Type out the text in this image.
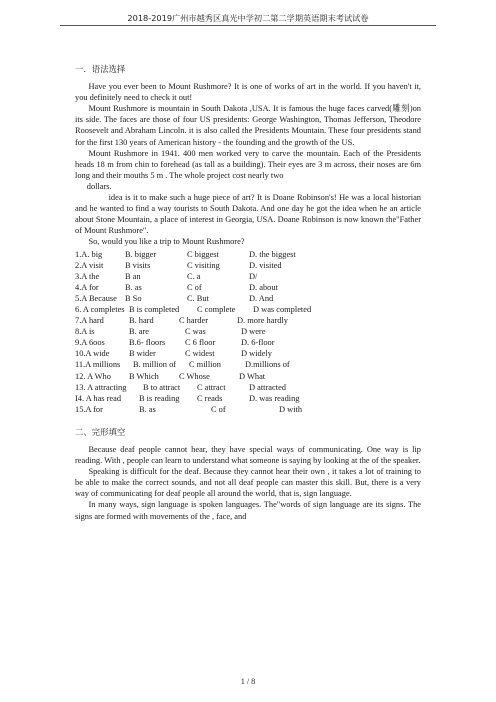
2018-2019广州市越秀区真光中学初二第二学期英语期末考试试卷
一．语法选择

Have you ever been to Mount Rushmore? It is one of works of art in the world. If you haven't it, you definitely need to check it out!

Mount Rushmore is mountain in South Dakota ,USA. It is famous the huge faces carved(雕刻)on its side. The faces are those of four US presidents: George Washington, Thomas Jefferson, Theodore Roosevelt and Abraham Lincoln. it is also called the Presidents Mountain. These four presidents stand for the first 130 years of American history - the founding and the growth of the US.

Mount Rushmore in 1941. 400 men worked very to carve the mountain. Each of the Presidents heads 18 m from chin to forehead (as tall as a building). Their eyes are 3 m across, their noses are 6m long and their mouths 5 m . The whole project cost nearly two

dollars.

idea is it to make such a huge piece of art? It is Doane Robinson's! He was a local historian and he wanted to find a way tourists to South Dakota. And one day he got the idea when he an article about Stone Mountain, a place of interest in Georgia, USA. Doane Robinson is now known the"Father of Mount Rushmore".

So, would you like a trip to Mount Rushmore?

1.A. big	B. bigger	C biggest	D. the biggest
2.A visit	B visits	C visiting	D. visited
3.A the	B an	C. a	D/
4.A for	B. as	C of	D. about
5.A Because B So	C. But	D. And
6. A completes B is completed	C complete	D was completed
7.A hard	B. hard	C harder	D. more hardly
8.A is	B. are	C was	D were
9.A 6oos	B.6- floors	C 6 floor	D. 6-floor
10.A wide	B wider	C widest	D widely
11.A millions	B. million of	C million	D.millions of
12. A Who	B Which	C Whose	D What
13. A attracting	B to attract	C attract	D attracted
I4. A has read	B is reading	C reads	D. was reading
15.A for	B. as	C of	D with
二、完形填空

Because deaf people cannot hear, they have special ways of communicating. One way is lip reading. With , people can learn to understand what someone is saying by looking at the of the speaker.

Speaking is difficult for the deaf. Because they cannot hear their own , it takes a lot of training to be able to make the correct sounds, and not all deaf people can master this skill. But, there is a very way of communicating for deaf people all around the world, that is, sign language.

In many ways, sign language is spoken languages. The"words of sign language are its signs. The signs are formed with movements of the , face, and

1 / 8
